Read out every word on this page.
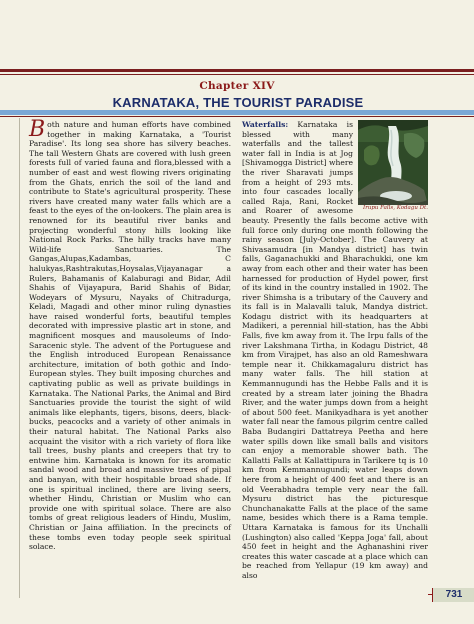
Chapter XIV
KARNATAKA, THE TOURIST PARADISE

Both nature and human efforts have combined together in making Karnataka, a 'Tourist Paradise'. Its long sea shore has silvery beaches. The tall Western Ghats are covered with lush green forests full of varied fauna and flora,blessed with a number of east and west flowing rivers originating from the Ghats, enrich the soil of the land and contribute to State's agricultural prosperity. These rivers have created many water falls which are a feast to the eyes of the on-lookers. The plain area is renowned for its beautiful river banks and projecting wonderful stony hills looking like National Rock Parks. The hilly tracks have many Wild-life Sanctuaries. The Gangas,Alupas,Kadambas, C halukyas,Rashtrakutas,Hoysalas,Vijayanagar a Rulers, Bahamanis of Kalaburagi and Bidar, Adil Shahis of Vijayapura, Barid Shahis of Bidar, Wodeyars of Mysuru, Nayaks of Chitradurga, Keladi, Magadi and other minor ruling dynasties have raised wonderful forts, beautiful temples decorated with impressive plastic art in stone, and magnificent mosques and mausoleums of Indo-Saracenic style. The advent of the Portuguese and the English introduced European Renaissance architecture, imitation of both gothic and Indo-European styles. They built imposing churches and captivating public as well as private buildings in Karnataka. The National Parks, the Animal and Bird Sanctuaries provide the tourist the sight of wild animals like elephants, tigers, bisons, deers, black-bucks, peacocks and a variety of other animals in their natural habitat. The National Parks also acquaint the visitor with a rich variety of flora like tall trees, bushy plants and creepers that try to entwine him. Karnataka is known for its aromatic sandal wood and broad and massive trees of pipal and banyan, with their hospitable broad shade. If one is spiritual inclined, there are living seers, whether Hindu, Christian or Muslim who can provide one with spiritual solace. There are also tombs of great religious leaders of Hindu, Muslim, Christian or Jaina affiliation. In the precincts of these tombs even today people seek spiritual solace.

Irupu Falls, Kodagu Dt.
Waterfalls: Karnataka is blessed with many waterfalls and the tallest water fall in India is at Jog [Shivamogga District] where the river Sharavati jumps from a height of 293 mts. into four cascades locally called Raja, Rani, Rocket and Roarer of awesome beauty. Presently the falls become active with full force only during one month following the rainy season [July-October]. The Cauvery at Shivasamudra [in Mandya district] has twin falls, Gaganachukki and Bharachukki, one km away from each other and their water has been harnessed for production of Hydel power, first of its kind in the country installed in 1902. The river Shimsha is a tributary of the Cauvery and its fall is in Malavalli taluk, Mandya district. Kodagu district with its headquarters at Madikeri, a perennial hill-station, has the Abbi Falls, five km away from it. The Irpu falls of the river Lakshmana Tirtha, in Kodagu District, 48 km from Virajpet, has also an old Rameshwara temple near it. Chikkamagaluru district has many water falls. The hill station at Kemmannugundi has the Hebbe Falls and it is created by a stream later joining the Bhadra River, and the water jumps down from a height of about 500 feet. Manikyadhara is yet another water fall near the famous pilgrim centre called Baba Budangiri Dattatreya Peetha and here water spills down like small balls and visitors can enjoy a memorable shower bath. The Kallatti Falls at Kallattipura in Tarikere tq is 10 km from Kemmannugundi; water leaps down here from a height of 400 feet and there is an old Veerabhadra temple very near the fall. Mysuru district has the picturesque Chunchanakatte Falls at the place of the same name, besides which there is a Rama temple. Uttara Karnataka is famous for its Unchalli (Lushington) also called 'Keppa Joga' fall, about 450 feet in height and the Aghanashini river creates this water cascade at a place which can be reached from Yellapur (19 km away) and also

731
